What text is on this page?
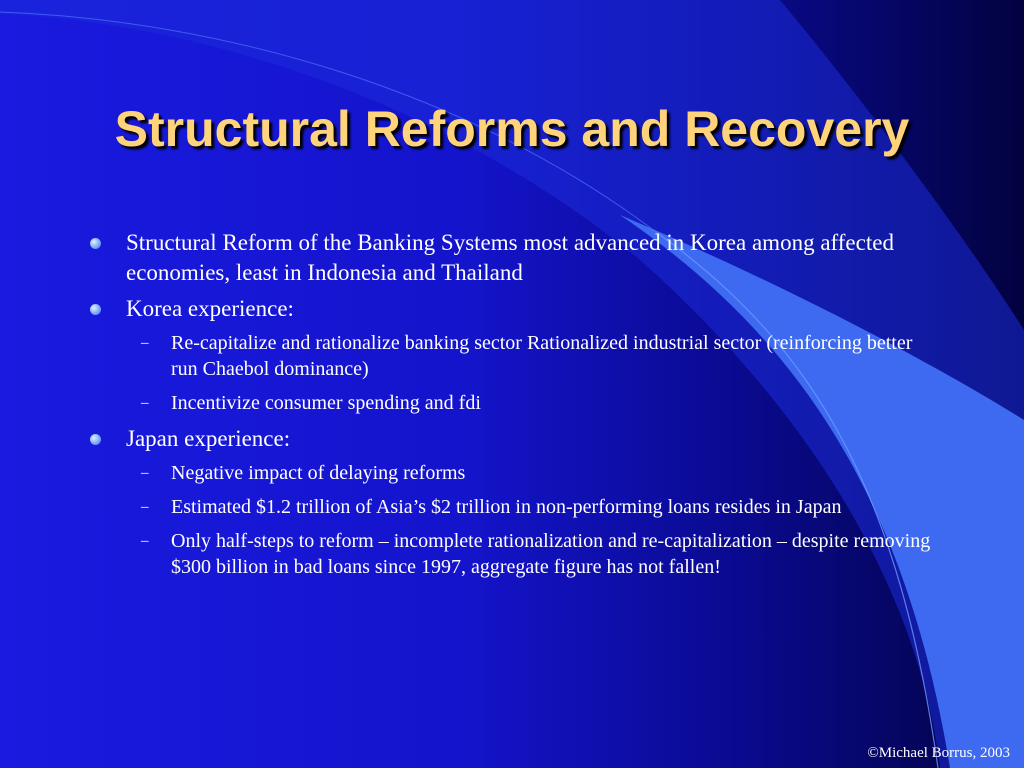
Structural Reforms and Recovery
Structural Reform of the Banking Systems most advanced in Korea among affected economies, least in Indonesia and Thailand
Korea experience:
– Re-capitalize and rationalize banking sector Rationalized industrial sector (reinforcing better run Chaebol dominance)
– Incentivize consumer spending and fdi
Japan experience:
– Negative impact of delaying reforms
– Estimated $1.2 trillion of Asia’s $2 trillion in non-performing loans resides in Japan
– Only half-steps to reform – incomplete rationalization and re-capitalization – despite removing $300 billion in bad loans since 1997, aggregate figure has not fallen!
©Michael Borrus, 2003
